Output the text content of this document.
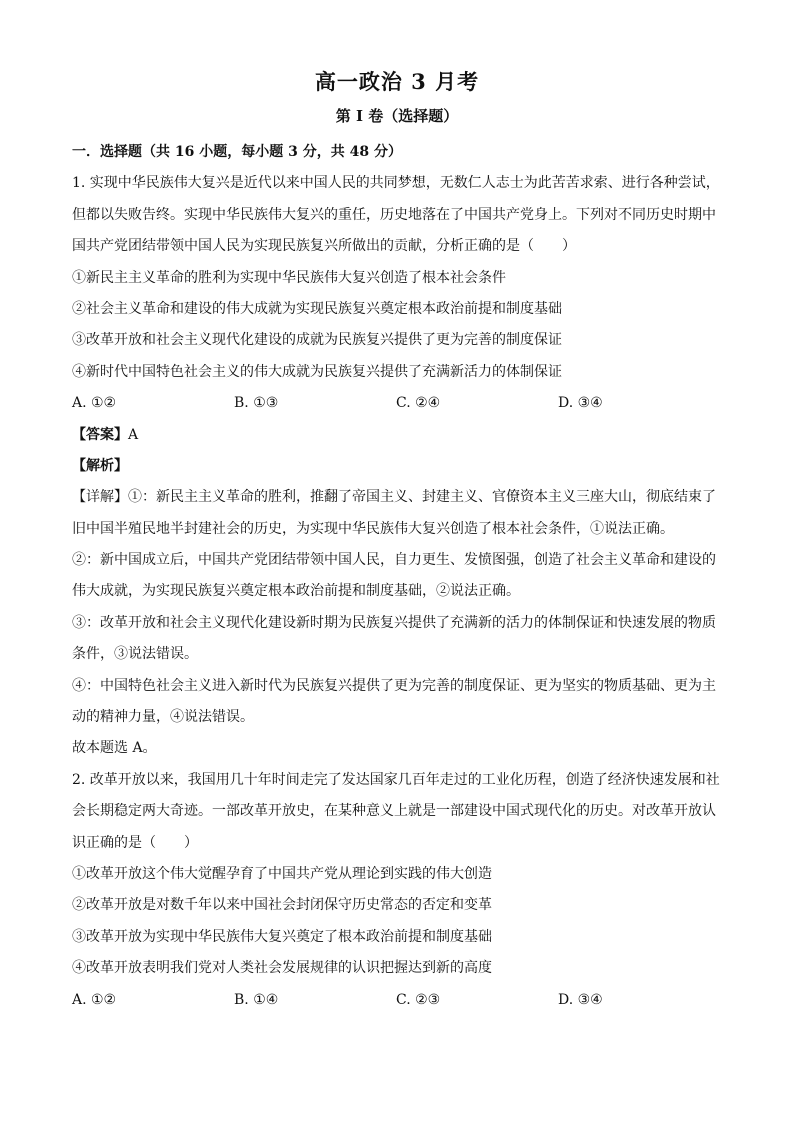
高一政治 3 月考
第 I 卷（选择题）
一．选择题（共 16 小题，每小题 3 分，共 48 分）
1. 实现中华民族伟大复兴是近代以来中国人民的共同梦想，无数仁人志士为此苦苦求索、进行各种尝试，
但都以失败告终。实现中华民族伟大复兴的重任，历史地落在了中国共产党身上。下列对不同历史时期中
国共产党团结带领中国人民为实现民族复兴所做出的贡献，分析正确的是（　　）
①新民主主义革命的胜利为实现中华民族伟大复兴创造了根本社会条件
②社会主义革命和建设的伟大成就为实现民族复兴奠定根本政治前提和制度基础
③改革开放和社会主义现代化建设的成就为民族复兴提供了更为完善的制度保证
④新时代中国特色社会主义的伟大成就为民族复兴提供了充满新活力的体制保证
A. ①②	B. ①③	C. ②④	D. ③④
【答案】A
【解析】
【详解】①：新民主主义革命的胜利，推翻了帝国主义、封建主义、官僚资本主义三座大山，彻底结束了
旧中国半殖民地半封建社会的历史，为实现中华民族伟大复兴创造了根本社会条件，①说法正确。
②：新中国成立后，中国共产党团结带领中国人民，自力更生、发愤图强，创造了社会主义革命和建设的
伟大成就，为实现民族复兴奠定根本政治前提和制度基础，②说法正确。
③：改革开放和社会主义现代化建设新时期为民族复兴提供了充满新的活力的体制保证和快速发展的物质
条件，③说法错误。
④：中国特色社会主义进入新时代为民族复兴提供了更为完善的制度保证、更为坚实的物质基础、更为主
动的精神力量，④说法错误。
故本题选 A。
2. 改革开放以来，我国用几十年时间走完了发达国家几百年走过的工业化历程，创造了经济快速发展和社
会长期稳定两大奇迹。一部改革开放史，在某种意义上就是一部建设中国式现代化的历史。对改革开放认
识正确的是（　　）
①改革开放这个伟大觉醒孕育了中国共产党从理论到实践的伟大创造
②改革开放是对数千年以来中国社会封闭保守历史常态的否定和变革
③改革开放为实现中华民族伟大复兴奠定了根本政治前提和制度基础
④改革开放表明我们党对人类社会发展规律的认识把握达到新的高度
A. ①②	B. ①④	C. ②③	D. ③④
